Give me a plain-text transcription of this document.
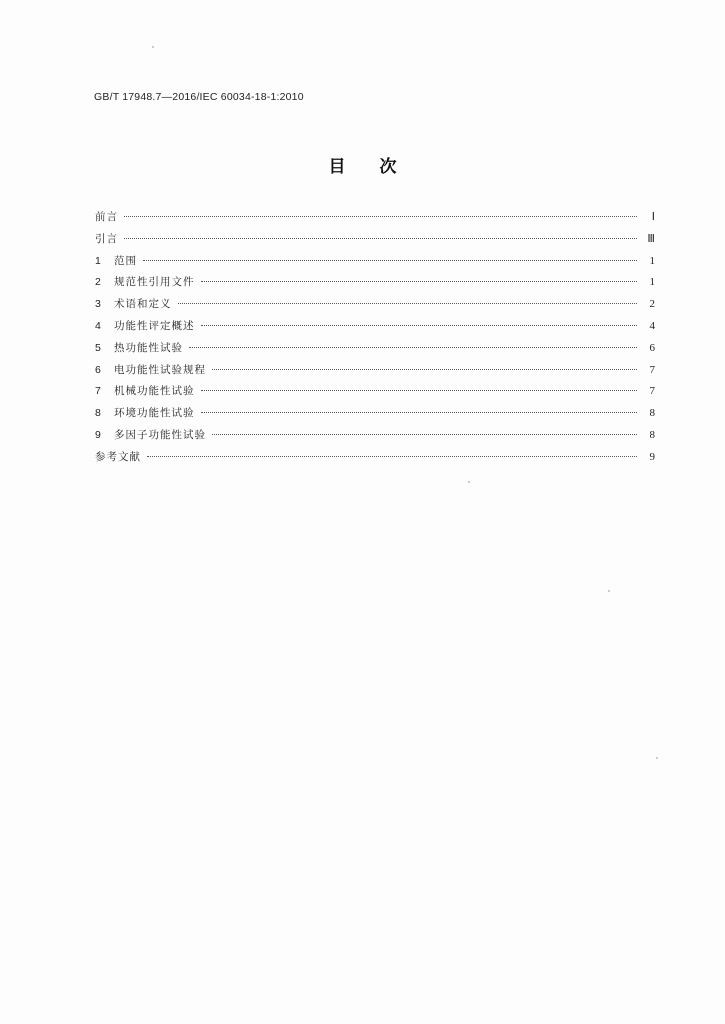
GB/T 17948.7—2016/IEC 60034-18-1:2010
目 次
前言	Ⅰ
引言	Ⅲ
1	范围	1
2	规范性引用文件	1
3	术语和定义	2
4	功能性评定概述	4
5	热功能性试验	6
6	电功能性试验规程	7
7	机械功能性试验	7
8	环境功能性试验	8
9	多因子功能性试验	8
参考文献	9
